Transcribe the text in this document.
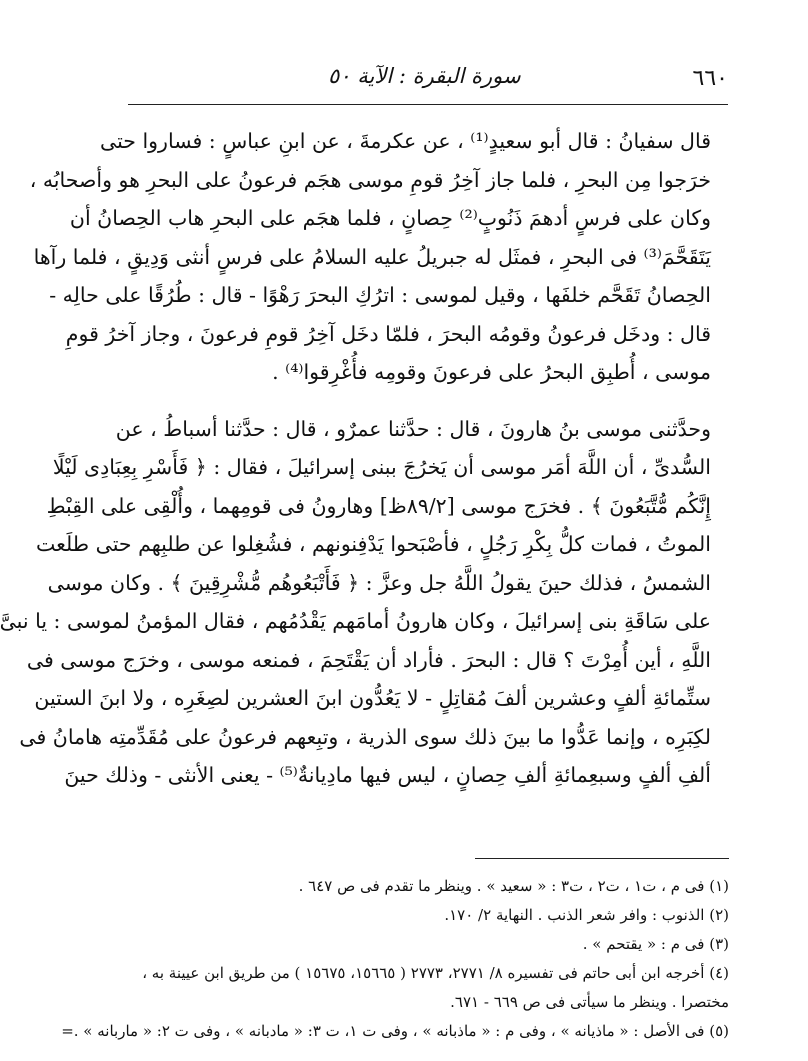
٦٦٠
سورة البقرة : الآية ٥٠
قال سفيانُ : قال أبو سعيدٍ⁽¹⁾ ، عن عكرمةَ ، عن ابنِ عباسٍ : فساروا حتى
خرَجوا مِن البحرِ ، فلما جاز آخِرُ قومِ موسى هجَم فرعونُ على البحرِ هو وأصحابُه ،
وكان على فرسٍ أدهمَ ذَنُوبٍ⁽²⁾ حِصانٍ ، فلما هجَم على البحرِ هاب الحِصانُ أن
يَتَقَحَّمَ⁽³⁾ فى البحرِ ، فمثَل له جبريلُ عليه السلامُ على فرسٍ أنثى وَدِيقٍ ، فلما رآها
الحِصانُ تَقَحَّم خلفَها ، وقيل لموسى : اترُكِ البحرَ رَهْوًا - قال : طُرُقًا على حالِه -
قال : ودخَل فرعونُ وقومُه البحرَ ، فلمّا دخَل آخِرُ قومِ فرعونَ ، وجاز آخرُ قومِ
موسى ، أُطبِق البحرُ على فرعونَ وقومِه فأُغْرِقوا⁽⁴⁾ .
وحدَّثنى موسى بنُ هارونَ ، قال : حدَّثنا عمرٌو ، قال : حدَّثنا أسباطُ ، عن
السُّدىِّ ، أن اللَّهَ أمَر موسى أن يَخرُجَ ببنى إسرائيلَ ، فقال : ﴿ فَأَسْرِ بِعِبَادِى لَيْلًا
إِنَّكُم مُّتَّبَعُونَ ﴾ . فخرَج موسى [٨٩/٢ظ] وهارونُ فى قومِهما ، وأُلْقِى على القِبْطِ
الموتُ ، فمات كلُّ بِكْرِ رَجُلٍ ، فأصْبَحوا يَدْفِنونهم ، فشُغِلوا عن طلبِهم حتى طلَعت
الشمسُ ، فذلك حينَ يقولُ اللَّهُ جل وعزَّ : ﴿ فَأَتْبَعُوهُم مُّشْرِقِينَ ﴾ . وكان موسى
على سَاقَةِ بنى إسرائيلَ ، وكان هارونُ أمامَهم يَقْدُمُهم ، فقال المؤمنُ لموسى : يا نبىَّ
اللَّهِ ، أين أُمِرْتَ ؟ قال : البحرَ . فأراد أن يَقْتَحِمَ ، فمنعه موسى ، وخرَج موسى فى
ستِّمائةِ ألفٍ وعشرين ألفَ مُقاتِلٍ - لا يَعُدُّون ابنَ العشرين لصِغَرِه ، ولا ابنَ الستين
لكِبَرِه ، وإنما عَدُّوا ما بينَ ذلك سوى الذرية ، وتبِعهم فرعونُ على مُقَدِّمتِه هامانُ فى
ألفِ ألفٍ وسبعِمائةِ ألفِ حِصانٍ ، ليس فيها مادِيانةٌ⁽⁵⁾ - يعنى الأنثى - وذلك حينَ
(١) فى م ، ت١ ، ت٢ ، ت٣ : « سعيد » . وينظر ما تقدم فى ص ٦٤٧ .
(٢) الذنوب : وافر شعر الذنب . النهاية ٢/ ١٧٠.
(٣) فى م : « يقتحم » .
(٤) أخرجه ابن أبى حاتم فى تفسيره ٨/ ٢٧٧١، ٢٧٧٣ ( ١٥٦٦٥، ١٥٦٧٥ ) من طريق ابن عيينة به ،
مختصرا . وينظر ما سيأتى فى ص ٦٦٩ - ٦٧١.
(٥) فى الأصل : « ماذيانه » ، وفى م : « ماذبانه » ، وفى ت ١، ت ٣: « مادبانه » ، وفى ت ٢: « ماربانه » .=
